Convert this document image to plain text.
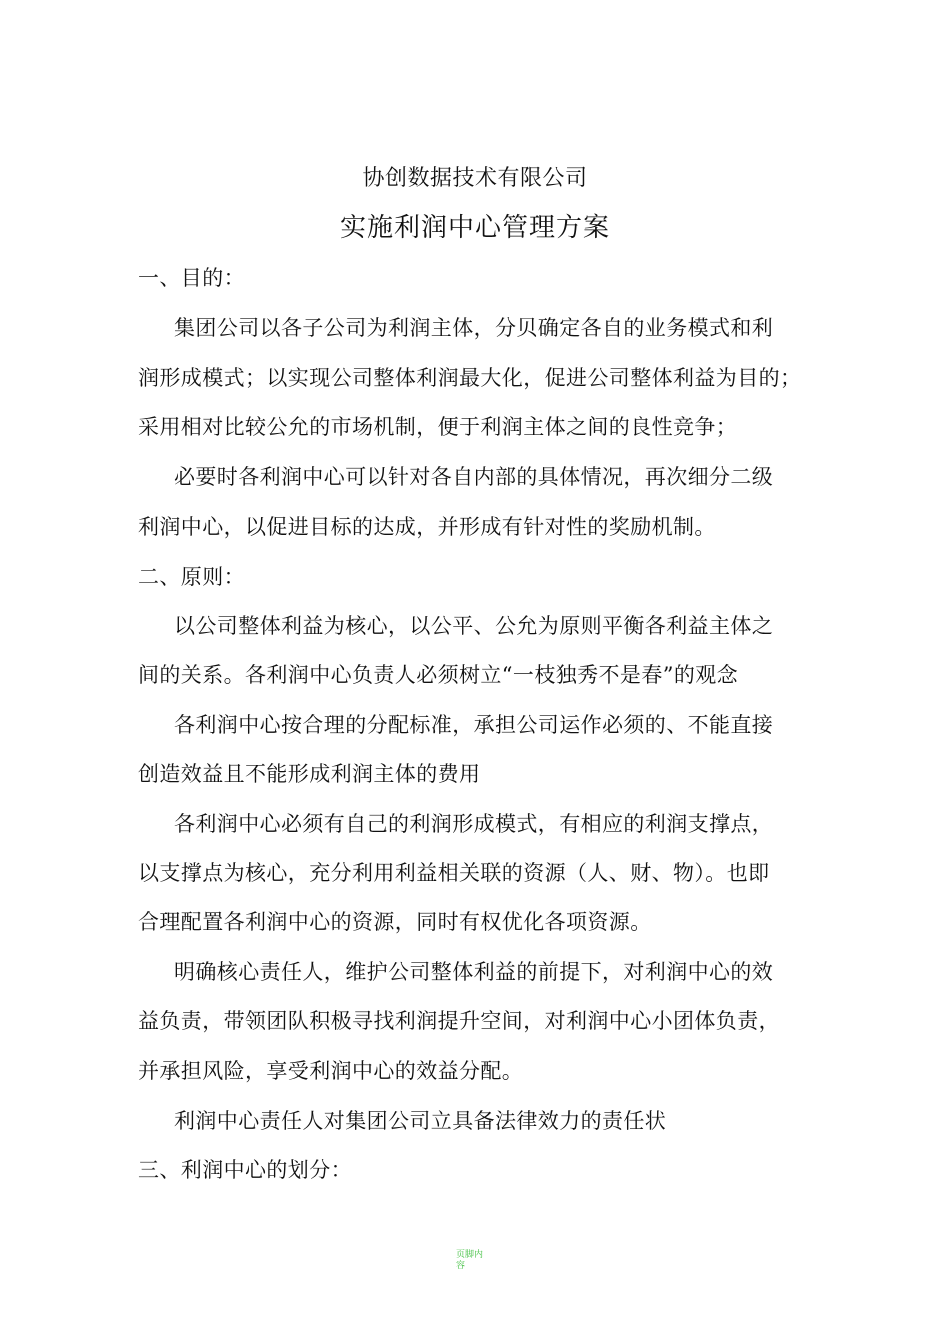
协创数据技术有限公司
实施利润中心管理方案
一、目的：
集团公司以各子公司为利润主体，分贝确定各自的业务模式和利
润形成模式；以实现公司整体利润最大化，促进公司整体利益为目的；
采用相对比较公允的市场机制，便于利润主体之间的良性竞争；
必要时各利润中心可以针对各自内部的具体情况，再次细分二级
利润中心，以促进目标的达成，并形成有针对性的奖励机制。
二、原则：
以公司整体利益为核心，以公平、公允为原则平衡各利益主体之
间的关系。各利润中心负责人必须树立“一枝独秀不是春”的观念
各利润中心按合理的分配标准，承担公司运作必须的、不能直接
创造效益且不能形成利润主体的费用
各利润中心必须有自己的利润形成模式，有相应的利润支撑点，
以支撑点为核心，充分利用利益相关联的资源（人、财、物）。也即
合理配置各利润中心的资源，同时有权优化各项资源。
明确核心责任人，维护公司整体利益的前提下，对利润中心的效
益负责，带领团队积极寻找利润提升空间，对利润中心小团体负责，
并承担风险，享受利润中心的效益分配。
利润中心责任人对集团公司立具备法律效力的责任状
三、利润中心的划分：
页脚内容
